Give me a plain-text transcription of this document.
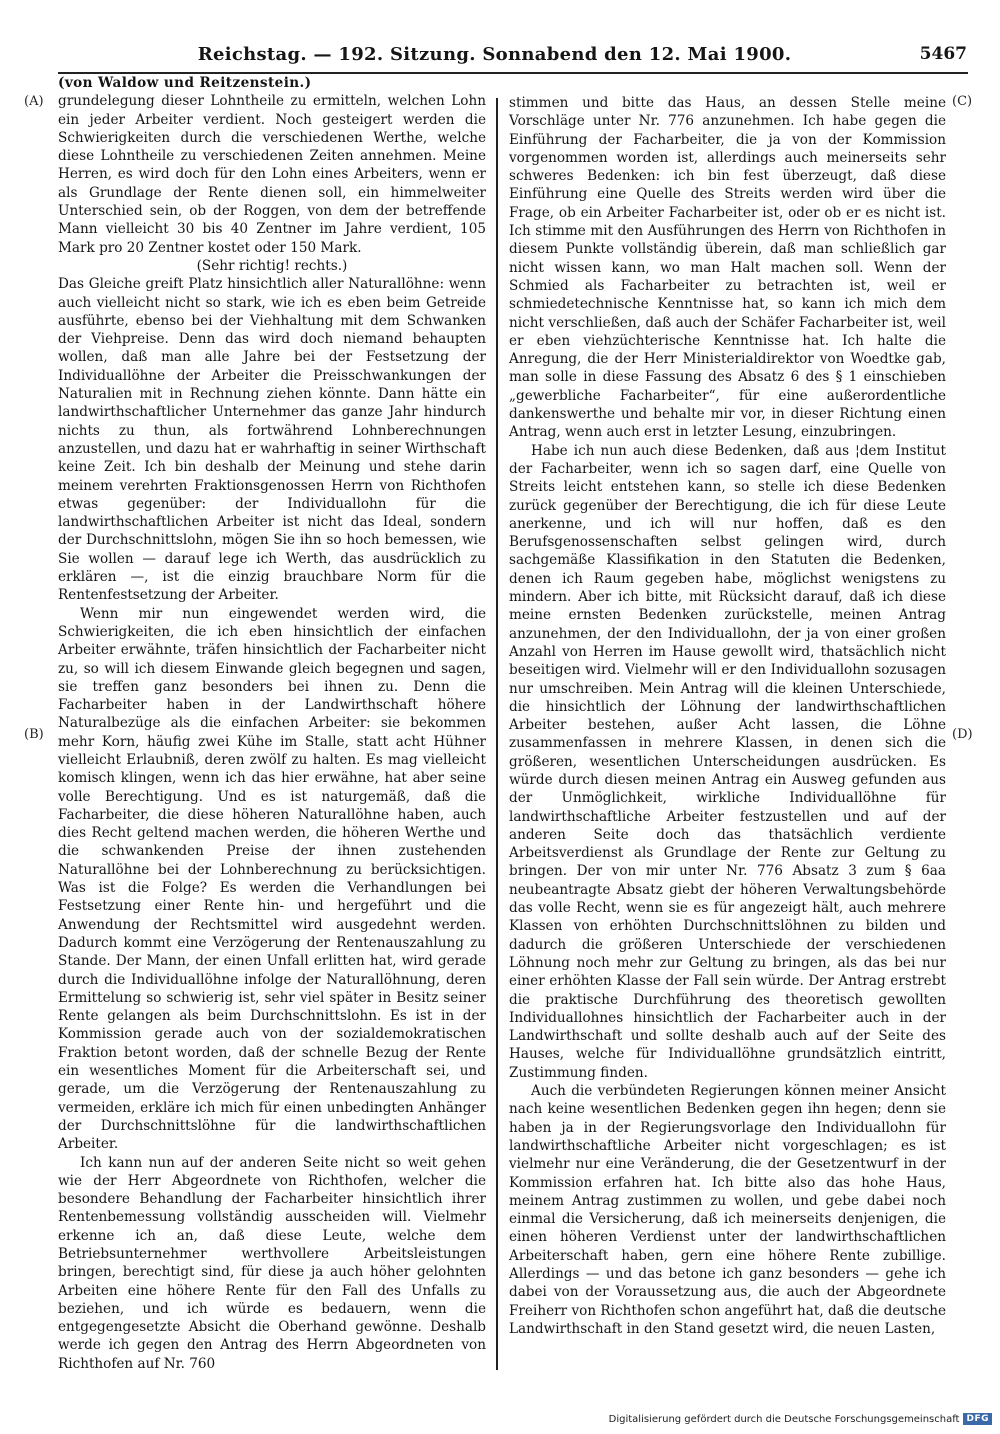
Reichstag. — 192. Sitzung. Sonnabend den 12. Mai 1900.	5467
(A)
(B)
(C)
(D)

(von Waldow und Reitzenstein.)

grundelegung dieser Lohntheile zu ermitteln, welchen Lohn ein jeder Arbeiter verdient. Noch gesteigert werden die Schwierigkeiten durch die verschiedenen Werthe, welche diese Lohntheile zu verschiedenen Zeiten annehmen. Meine Herren, es wird doch für den Lohn eines Arbeiters, wenn er als Grundlage der Rente dienen soll, ein himmelweiter Unterschied sein, ob der Roggen, von dem der betreffende Mann vielleicht 30 bis 40 Zentner im Jahre verdient, 105 Mark pro 20 Zentner kostet oder 150 Mark.

(Sehr richtig! rechts.)

Das Gleiche greift Platz hinsichtlich aller Naturallöhne: wenn auch vielleicht nicht so stark, wie ich es eben beim Getreide ausführte, ebenso bei der Viehhaltung mit dem Schwanken der Viehpreise. Denn das wird doch niemand behaupten wollen, daß man alle Jahre bei der Festsetzung der Individuallöhne der Arbeiter die Preisschwankungen der Naturalien mit in Rechnung ziehen könnte. Dann hätte ein landwirthschaftlicher Unternehmer das ganze Jahr hindurch nichts zu thun, als fortwährend Lohnberechnungen anzustellen, und dazu hat er wahrhaftig in seiner Wirthschaft keine Zeit. Ich bin deshalb der Meinung und stehe darin meinem verehrten Fraktionsgenossen Herrn von Richthofen etwas gegenüber: der Individuallohn für die landwirthschaftlichen Arbeiter ist nicht das Ideal, sondern der Durchschnittslohn, mögen Sie ihn so hoch bemessen, wie Sie wollen — darauf lege ich Werth, das ausdrücklich zu erklären —, ist die einzig brauchbare Norm für die Rentenfestsetzung der Arbeiter.

Wenn mir nun eingewendet werden wird, die Schwierigkeiten, die ich eben hinsichtlich der einfachen Arbeiter erwähnte, träfen hinsichtlich der Facharbeiter nicht zu, so will ich diesem Einwande gleich begegnen und sagen, sie treffen ganz besonders bei ihnen zu. Denn die Facharbeiter haben in der Landwirthschaft höhere Naturalbezüge als die einfachen Arbeiter: sie bekommen mehr Korn, häufig zwei Kühe im Stalle, statt acht Hühner vielleicht Erlaubniß, deren zwölf zu halten. Es mag vielleicht komisch klingen, wenn ich das hier erwähne, hat aber seine volle Berechtigung. Und es ist naturgemäß, daß die Facharbeiter, die diese höheren Naturallöhne haben, auch dies Recht geltend machen werden, die höheren Werthe und die schwankenden Preise der ihnen zustehenden Naturallöhne bei der Lohnberechnung zu berücksichtigen. Was ist die Folge? Es werden die Verhandlungen bei Festsetzung einer Rente hin- und hergeführt und die Anwendung der Rechtsmittel wird ausgedehnt werden. Dadurch kommt eine Verzögerung der Rentenauszahlung zu Stande. Der Mann, der einen Unfall erlitten hat, wird gerade durch die Individuallöhne infolge der Naturallöhnung, deren Ermittelung so schwierig ist, sehr viel später in Besitz seiner Rente gelangen als beim Durchschnittslohn. Es ist in der Kommission gerade auch von der sozialdemokratischen Fraktion betont worden, daß der schnelle Bezug der Rente ein wesentliches Moment für die Arbeiterschaft sei, und gerade, um die Verzögerung der Rentenauszahlung zu vermeiden, erkläre ich mich für einen unbedingten Anhänger der Durchschnittslöhne für die landwirthschaftlichen Arbeiter.

Ich kann nun auf der anderen Seite nicht so weit gehen wie der Herr Abgeordnete von Richthofen, welcher die besondere Behandlung der Facharbeiter hinsichtlich ihrer Rentenbemessung vollständig ausscheiden will. Vielmehr erkenne ich an, daß diese Leute, welche dem Betriebsunternehmer werthvollere Arbeitsleistungen bringen, berechtigt sind, für diese ja auch höher gelohnten Arbeiten eine höhere Rente für den Fall des Unfalls zu beziehen, und ich würde es bedauern, wenn die entgegengesetzte Absicht die Oberhand gewönne. Deshalb werde ich gegen den Antrag des Herrn Abgeordneten von Richthofen auf Nr. 760

stimmen und bitte das Haus, an dessen Stelle meine Vorschläge unter Nr. 776 anzunehmen. Ich habe gegen die Einführung der Facharbeiter, die ja von der Kommission vorgenommen worden ist, allerdings auch meinerseits sehr schweres Bedenken: ich bin fest überzeugt, daß diese Einführung eine Quelle des Streits werden wird über die Frage, ob ein Arbeiter Facharbeiter ist, oder ob er es nicht ist. Ich stimme mit den Ausführungen des Herrn von Richthofen in diesem Punkte vollständig überein, daß man schließlich gar nicht wissen kann, wo man Halt machen soll. Wenn der Schmied als Facharbeiter zu betrachten ist, weil er schmiedetechnische Kenntnisse hat, so kann ich mich dem nicht verschließen, daß auch der Schäfer Facharbeiter ist, weil er eben viehzüchterische Kenntnisse hat. Ich halte die Anregung, die der Herr Ministerialdirektor von Woedtke gab, man solle in diese Fassung des Absatz 6 des § 1 einschieben „gewerbliche Facharbeiter“, für eine außerordentliche dankenswerthe und behalte mir vor, in dieser Richtung einen Antrag, wenn auch erst in letzter Lesung, einzubringen.

Habe ich nun auch diese Bedenken, daß aus ¦dem Institut der Facharbeiter, wenn ich so sagen darf, eine Quelle von Streits leicht entstehen kann, so stelle ich diese Bedenken zurück gegenüber der Berechtigung, die ich für diese Leute anerkenne, und ich will nur hoffen, daß es den Berufsgenossenschaften selbst gelingen wird, durch sachgemäße Klassifikation in den Statuten die Bedenken, denen ich Raum gegeben habe, möglichst wenigstens zu mindern. Aber ich bitte, mit Rücksicht darauf, daß ich diese meine ernsten Bedenken zurückstelle, meinen Antrag anzunehmen, der den Individuallohn, der ja von einer großen Anzahl von Herren im Hause gewollt wird, thatsächlich nicht beseitigen wird. Vielmehr will er den Individuallohn sozusagen nur umschreiben. Mein Antrag will die kleinen Unterschiede, die hinsichtlich der Löhnung der landwirthschaftlichen Arbeiter bestehen, außer Acht lassen, die Löhne zusammenfassen in mehrere Klassen, in denen sich die größeren, wesentlichen Unterscheidungen ausdrücken. Es würde durch diesen meinen Antrag ein Ausweg gefunden aus der Unmöglichkeit, wirkliche Individuallöhne für landwirthschaftliche Arbeiter festzustellen und auf der anderen Seite doch das thatsächlich verdiente Arbeitsverdienst als Grundlage der Rente zur Geltung zu bringen. Der von mir unter Nr. 776 Absatz 3 zum § 6aa neubeantragte Absatz giebt der höheren Verwaltungsbehörde das volle Recht, wenn sie es für angezeigt hält, auch mehrere Klassen von erhöhten Durchschnittslöhnen zu bilden und dadurch die größeren Unterschiede der verschiedenen Löhnung noch mehr zur Geltung zu bringen, als das bei nur einer erhöhten Klasse der Fall sein würde. Der Antrag erstrebt die praktische Durchführung des theoretisch gewollten Individuallohnes hinsichtlich der Facharbeiter auch in der Landwirthschaft und sollte deshalb auch auf der Seite des Hauses, welche für Individuallöhne grundsätzlich eintritt, Zustimmung finden.

Auch die verbündeten Regierungen können meiner Ansicht nach keine wesentlichen Bedenken gegen ihn hegen; denn sie haben ja in der Regierungsvorlage den Individuallohn für landwirthschaftliche Arbeiter nicht vorgeschlagen; es ist vielmehr nur eine Veränderung, die der Gesetzentwurf in der Kommission erfahren hat. Ich bitte also das hohe Haus, meinem Antrag zustimmen zu wollen, und gebe dabei noch einmal die Versicherung, daß ich meinerseits denjenigen, die einen höheren Verdienst unter der landwirthschaftlichen Arbeiterschaft haben, gern eine höhere Rente zubillige. Allerdings — und das betone ich ganz besonders — gehe ich dabei von der Voraussetzung aus, die auch der Abgeordnete Freiherr von Richthofen schon angeführt hat, daß die deutsche Landwirthschaft in den Stand gesetzt wird, die neuen Lasten,

Digitalisierung gefördert durch die Deutsche Forschungsgemeinschaft DFG
